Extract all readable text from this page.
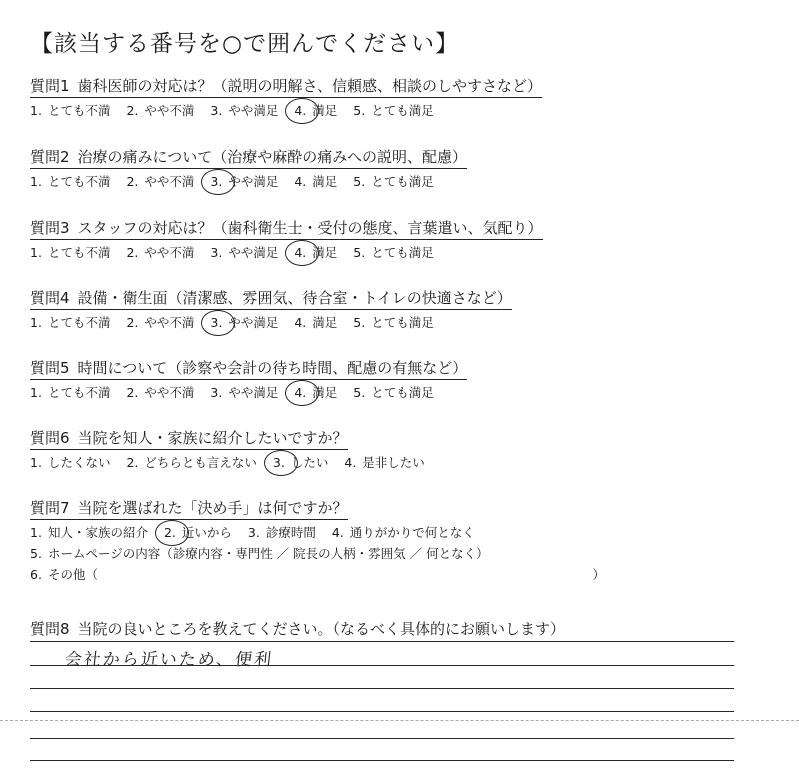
【該当する番号を○で囲んでください】
質問1 歯科医師の対応は？（説明の明解さ、信頼感、相談のしやすさなど）
1. とても不満 2. やや不満 3. やや満足 4. 満足 5. とても満足
質問2 治療の痛みについて（治療や麻酔の痛みへの説明、配慮）
1. とても不満 2. やや不満 3. やや満足 4. 満足 5. とても満足
質問3 スタッフの対応は？（歯科衛生士・受付の態度、言葉遣い、気配り）
1. とても不満 2. やや不満 3. やや満足 4. 満足 5. とても満足
質問4 設備・衛生面（清潔感、雰囲気、待合室・トイレの快適さなど）
1. とても不満 2. やや不満 3. やや満足 4. 満足 5. とても満足
質問5 時間について（診察や会計の待ち時間、配慮の有無など）
1. とても不満 2. やや不満 3. やや満足 4. 満足 5. とても満足
質問6 当院を知人・家族に紹介したいですか？
1. したくない 2. どちらとも言えない 3. したい 4. 是非したい
質問7 当院を選ばれた「決め手」は何ですか？
1. 知人・家族の紹介 2. 近いから 3. 診療時間 4. 通りがかりで何となく
5. ホームページの内容（診療内容・専門性 ／ 院長の人柄・雰囲気 ／ 何となく）
6. その他（	）
質問8 当院の良いところを教えてください。（なるべく具体的にお願いします）
会社から近いため、便利
